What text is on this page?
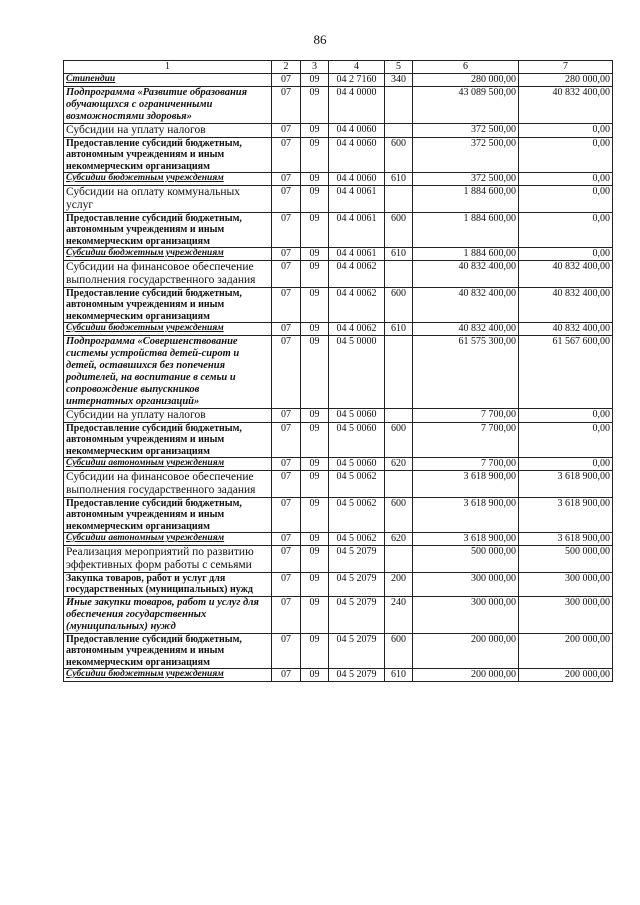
86
1	2	3	4	5	6	7
Стипендии	07	09	04 2 7160	340	280 000,00	280 000,00
Подпрограмма «Развитие образования обучающихся с ограниченными возможностями здоровья»	07	09	04 4 0000		43 089 500,00	40 832 400,00
Субсидии на уплату налогов	07	09	04 4 0060		372 500,00	0,00
Предоставление субсидий бюджетным, автономным учреждениям и иным некоммерческим организациям	07	09	04 4 0060	600	372 500,00	0,00
Субсидии бюджетным учреждениям	07	09	04 4 0060	610	372 500,00	0,00
Субсидии на оплату коммунальных услуг	07	09	04 4 0061		1 884 600,00	0,00
Предоставление субсидий бюджетным, автономным учреждениям и иным некоммерческим организациям	07	09	04 4 0061	600	1 884 600,00	0,00
Субсидии бюджетным учреждениям	07	09	04 4 0061	610	1 884 600,00	0,00
Субсидии на финансовое обеспечение выполнения государственного задания	07	09	04 4 0062		40 832 400,00	40 832 400,00
Предоставление субсидий бюджетным, автономным учреждениям и иным некоммерческим организациям	07	09	04 4 0062	600	40 832 400,00	40 832 400,00
Субсидии бюджетным учреждениям	07	09	04 4 0062	610	40 832 400,00	40 832 400,00
Подпрограмма «Совершенствование системы устройства детей-сирот и детей, оставшихся без попечения родителей, на воспитание в семьи и сопровождение выпускников интернатных организаций»	07	09	04 5 0000		61 575 300,00	61 567 600,00
Субсидии на уплату налогов	07	09	04 5 0060		7 700,00	0,00
Предоставление субсидий бюджетным, автономным учреждениям и иным некоммерческим организациям	07	09	04 5 0060	600	7 700,00	0,00
Субсидии автономным учреждениям	07	09	04 5 0060	620	7 700,00	0,00
Субсидии на финансовое обеспечение выполнения государственного задания	07	09	04 5 0062		3 618 900,00	3 618 900,00
Предоставление субсидий бюджетным, автономным учреждениям и иным некоммерческим организациям	07	09	04 5 0062	600	3 618 900,00	3 618 900,00
Субсидии автономным учреждениям	07	09	04 5 0062	620	3 618 900,00	3 618 900,00
Реализация мероприятий по развитию эффективных форм работы с семьями	07	09	04 5 2079		500 000,00	500 000,00
Закупка товаров, работ и услуг для государственных (муниципальных) нужд	07	09	04 5 2079	200	300 000,00	300 000,00
Иные закупки товаров, работ и услуг для обеспечения государственных (муниципальных) нужд	07	09	04 5 2079	240	300 000,00	300 000,00
Предоставление субсидий бюджетным, автономным учреждениям и иным некоммерческим организациям	07	09	04 5 2079	600	200 000,00	200 000,00
Субсидии бюджетным учреждениям	07	09	04 5 2079	610	200 000,00	200 000,00
